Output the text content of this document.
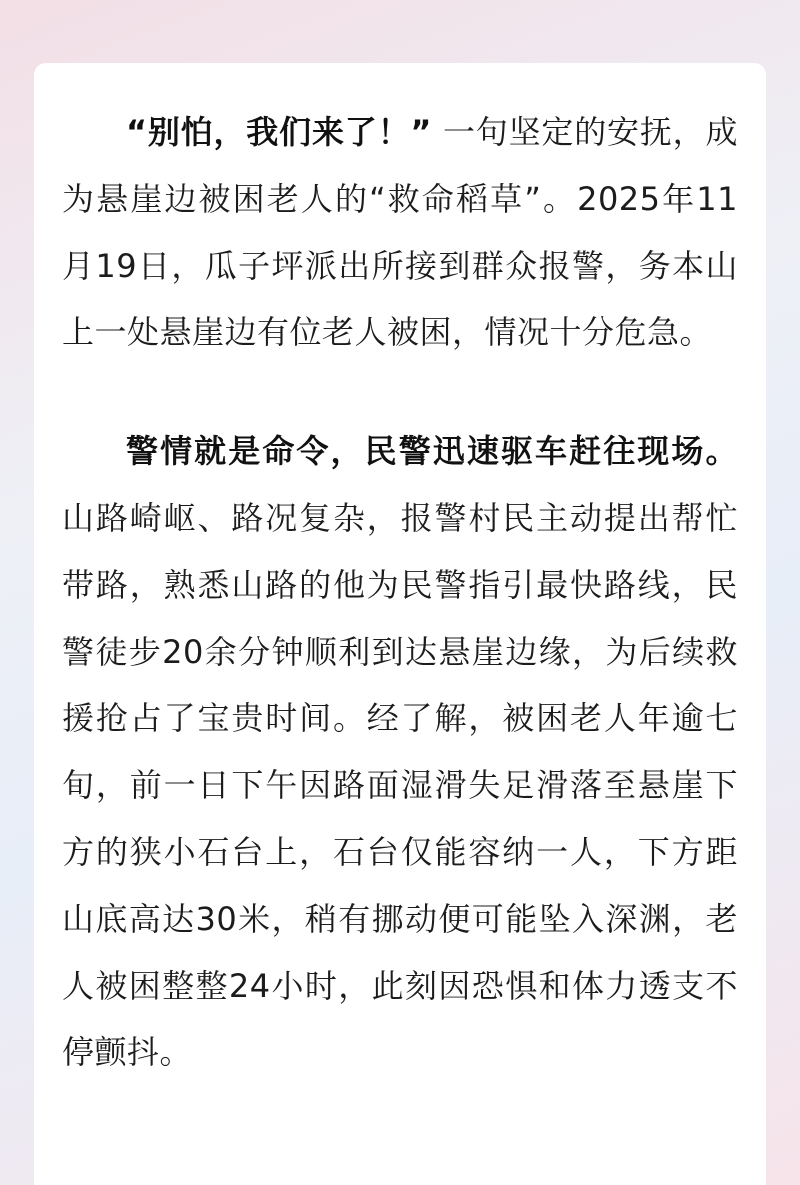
“别怕，我们来了！” 一句坚定的安抚，成为悬崖边被困老人的“救命稻草”。2025年11月19日，瓜子坪派出所接到群众报警，务本山上一处悬崖边有位老人被困，情况十分危急。

警情就是命令，民警迅速驱车赶往现场。山路崎岖、路况复杂，报警村民主动提出帮忙带路，熟悉山路的他为民警指引最快路线，民警徒步20余分钟顺利到达悬崖边缘，为后续救援抢占了宝贵时间。经了解，被困老人年逾七旬，前一日下午因路面湿滑失足滑落至悬崖下方的狭小石台上，石台仅能容纳一人，下方距山底高达30米，稍有挪动便可能坠入深渊，老人被困整整24小时，此刻因恐惧和体力透支不停颤抖。
